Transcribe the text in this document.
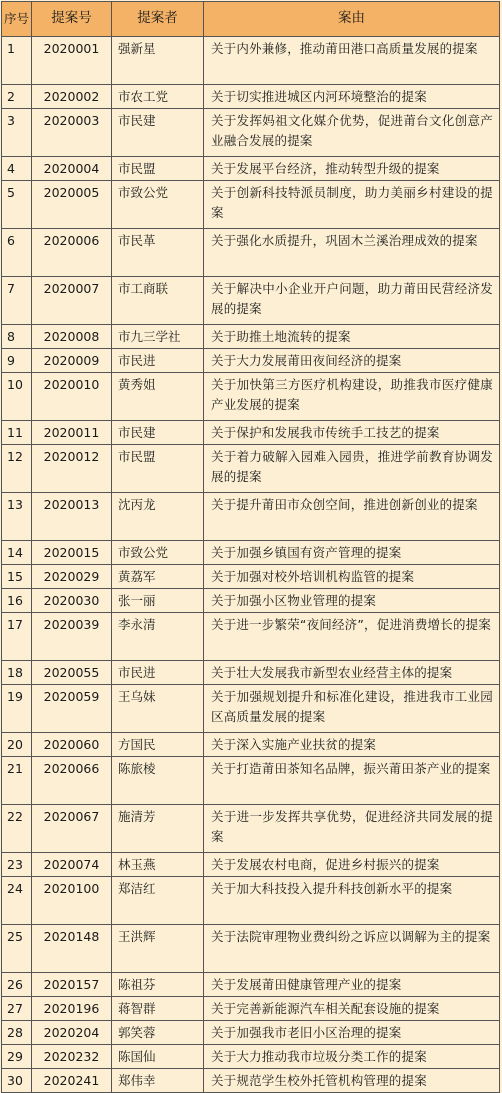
序号	提案号	提案者	案由
1	2020001	强新星	关于内外兼修，推动莆田港口高质量发展的提案
2	2020002	市农工党	关于切实推进城区内河环境整治的提案
3	2020003	市民建	关于发挥妈祖文化媒介优势，促进莆台文化创意产业融合发展的提案
4	2020004	市民盟	关于发展平台经济，推动转型升级的提案
5	2020005	市致公党	关于创新科技特派员制度，助力美丽乡村建设的提案
6	2020006	市民革	关于强化水质提升，巩固木兰溪治理成效的提案
7	2020007	市工商联	关于解决中小企业开户问题，助力莆田民营经济发展的提案
8	2020008	市九三学社	关于助推土地流转的提案
9	2020009	市民进	关于大力发展莆田夜间经济的提案
10	2020010	黄秀姐	关于加快第三方医疗机构建设，助推我市医疗健康产业发展的提案
11	2020011	市民建	关于保护和发展我市传统手工技艺的提案
12	2020012	市民盟	关于着力破解入园难入园贵，推进学前教育协调发展的提案
13	2020013	沈丙龙	关于提升莆田市众创空间，推进创新创业的提案
14	2020015	市致公党	关于加强乡镇国有资产管理的提案
15	2020029	黄荔军	关于加强对校外培训机构监管的提案
16	2020030	张一丽	关于加强小区物业管理的提案
17	2020039	李永清	关于进一步繁荣“夜间经济”，促进消费增长的提案
18	2020055	市民进	关于壮大发展我市新型农业经营主体的提案
19	2020059	王乌妹	关于加强规划提升和标准化建设，推进我市工业园区高质量发展的提案
20	2020060	方国民	关于深入实施产业扶贫的提案
21	2020066	陈旅棱	关于打造莆田茶知名品牌，振兴莆田茶产业的提案
22	2020067	施清芳	关于进一步发挥共享优势，促进经济共同发展的提案
23	2020074	林玉燕	关于发展农村电商，促进乡村振兴的提案
24	2020100	郑洁红	关于加大科技投入提升科技创新水平的提案
25	2020148	王洪辉	关于法院审理物业费纠纷之诉应以调解为主的提案
26	2020157	陈祖芬	关于发展莆田健康管理产业的提案
27	2020196	蒋智群	关于完善新能源汽车相关配套设施的提案
28	2020204	郭笑蓉	关于加强我市老旧小区治理的提案
29	2020232	陈国仙	关于大力推动我市垃圾分类工作的提案
30	2020241	郑伟幸	关于规范学生校外托管机构管理的提案
